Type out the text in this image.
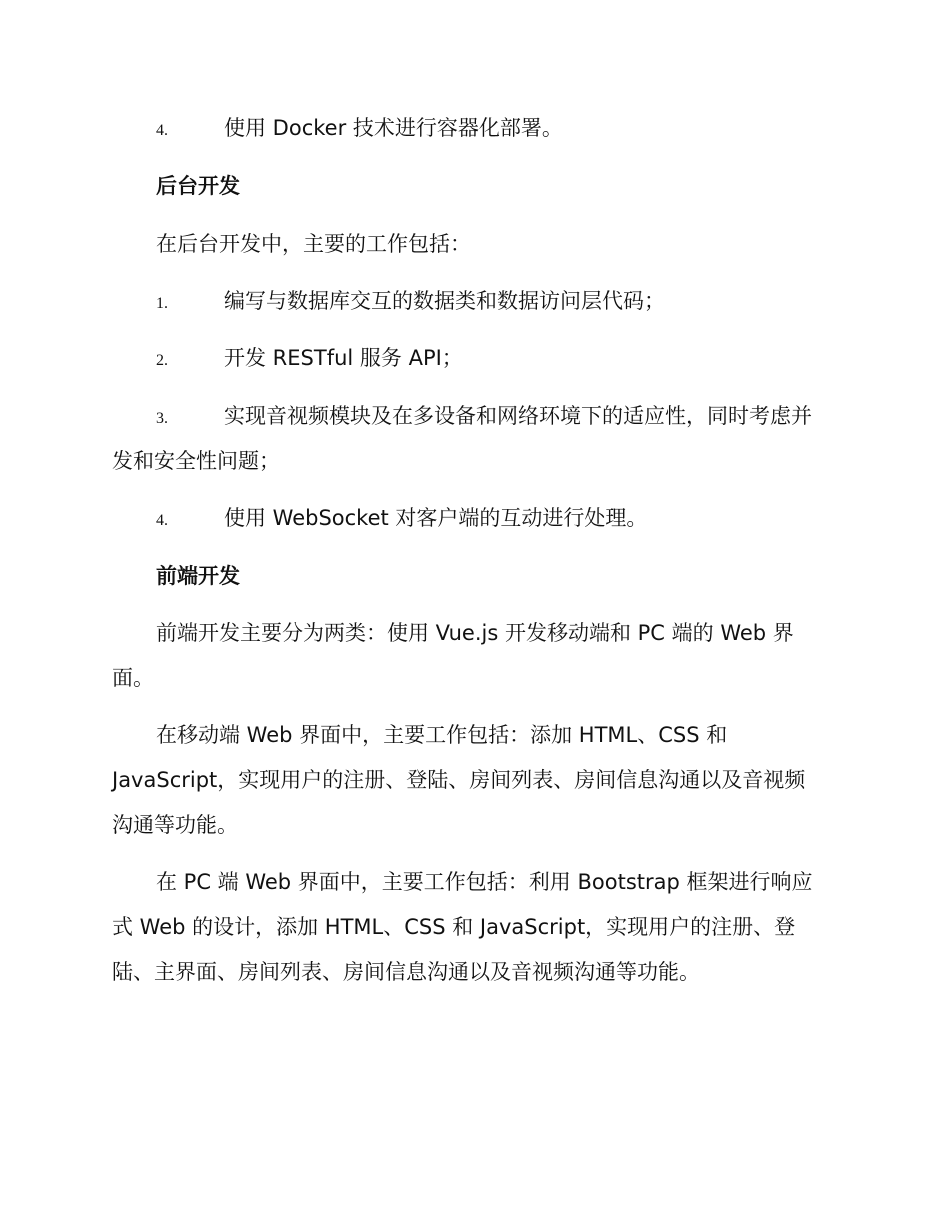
4.	使用 Docker 技术进行容器化部署。
后台开发
在后台开发中，主要的工作包括：
1.	编写与数据库交互的数据类和数据访问层代码；
2.	开发 RESTful 服务 API；
3.	实现音视频模块及在多设备和网络环境下的适应性，同时考虑并
发和安全性问题；
4.	使用 WebSocket 对客户端的互动进行处理。
前端开发
前端开发主要分为两类：使用 Vue.js 开发移动端和 PC 端的 Web 界
面。
在移动端 Web 界面中，主要工作包括：添加 HTML、CSS 和
JavaScript，实现用户的注册、登陆、房间列表、房间信息沟通以及音视频
沟通等功能。
在 PC 端 Web 界面中，主要工作包括：利用 Bootstrap 框架进行响应
式 Web 的设计，添加 HTML、CSS 和 JavaScript，实现用户的注册、登
陆、主界面、房间列表、房间信息沟通以及音视频沟通等功能。
